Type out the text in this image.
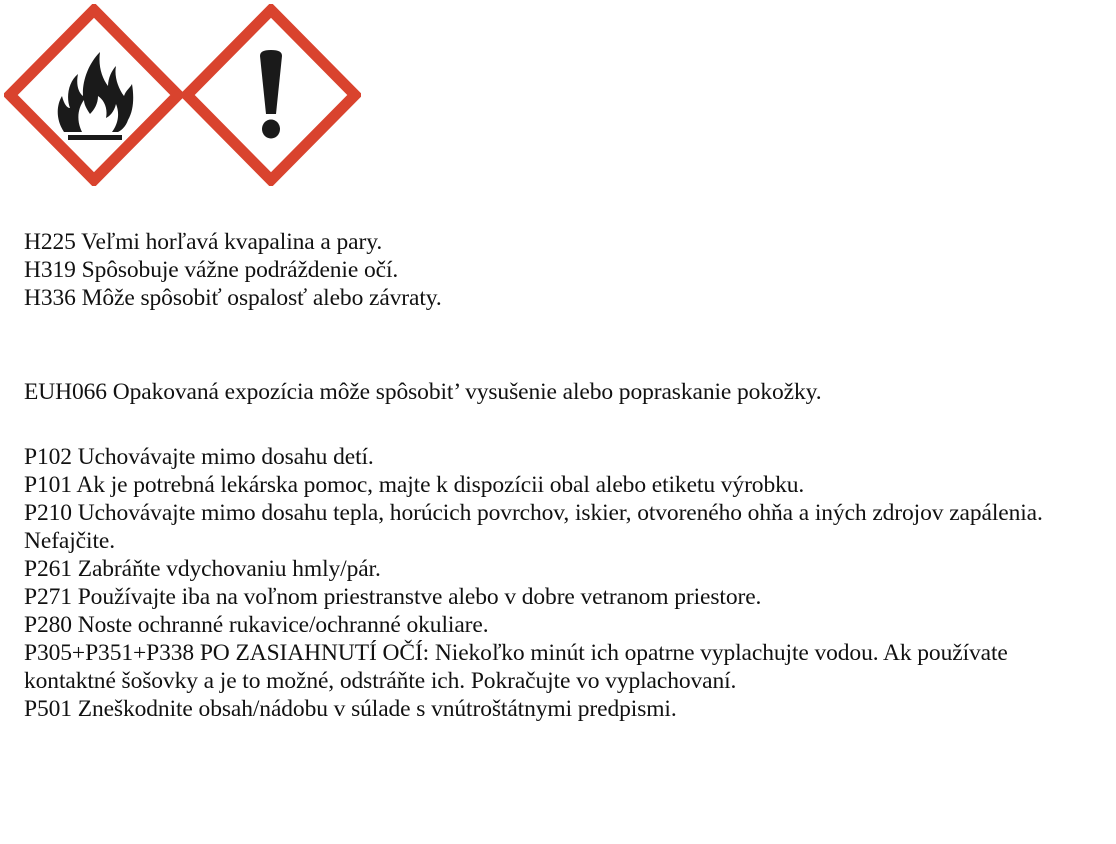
H225 Veľmi horľavá kvapalina a pary.

H319 Spôsobuje vážne podráždenie očí.

H336 Môže spôsobiť ospalosť alebo závraty.

EUH066 Opakovaná expozícia môže spôsobit’ vysušenie alebo popraskanie pokožky.

P102 Uchovávajte mimo dosahu detí.

P101 Ak je potrebná lekárska pomoc, majte k dispozícii obal alebo etiketu výrobku.

P210 Uchovávajte mimo dosahu tepla, horúcich povrchov, iskier, otvoreného ohňa a iných zdrojov zapálenia. Nefajčite.

P261 Zabráňte vdychovaniu hmly/pár.

P271 Používajte iba na voľnom priestranstve alebo v dobre vetranom priestore.

P280 Noste ochranné rukavice/ochranné okuliare.

P305+P351+P338 PO ZASIAHNUTÍ OČÍ: Niekoľko minút ich opatrne vyplachujte vodou. Ak používate kontaktné šošovky a je to možné, odstráňte ich. Pokračujte vo vyplachovaní.

P501 Zneškodnite obsah/nádobu v súlade s vnútroštátnymi predpismi.
